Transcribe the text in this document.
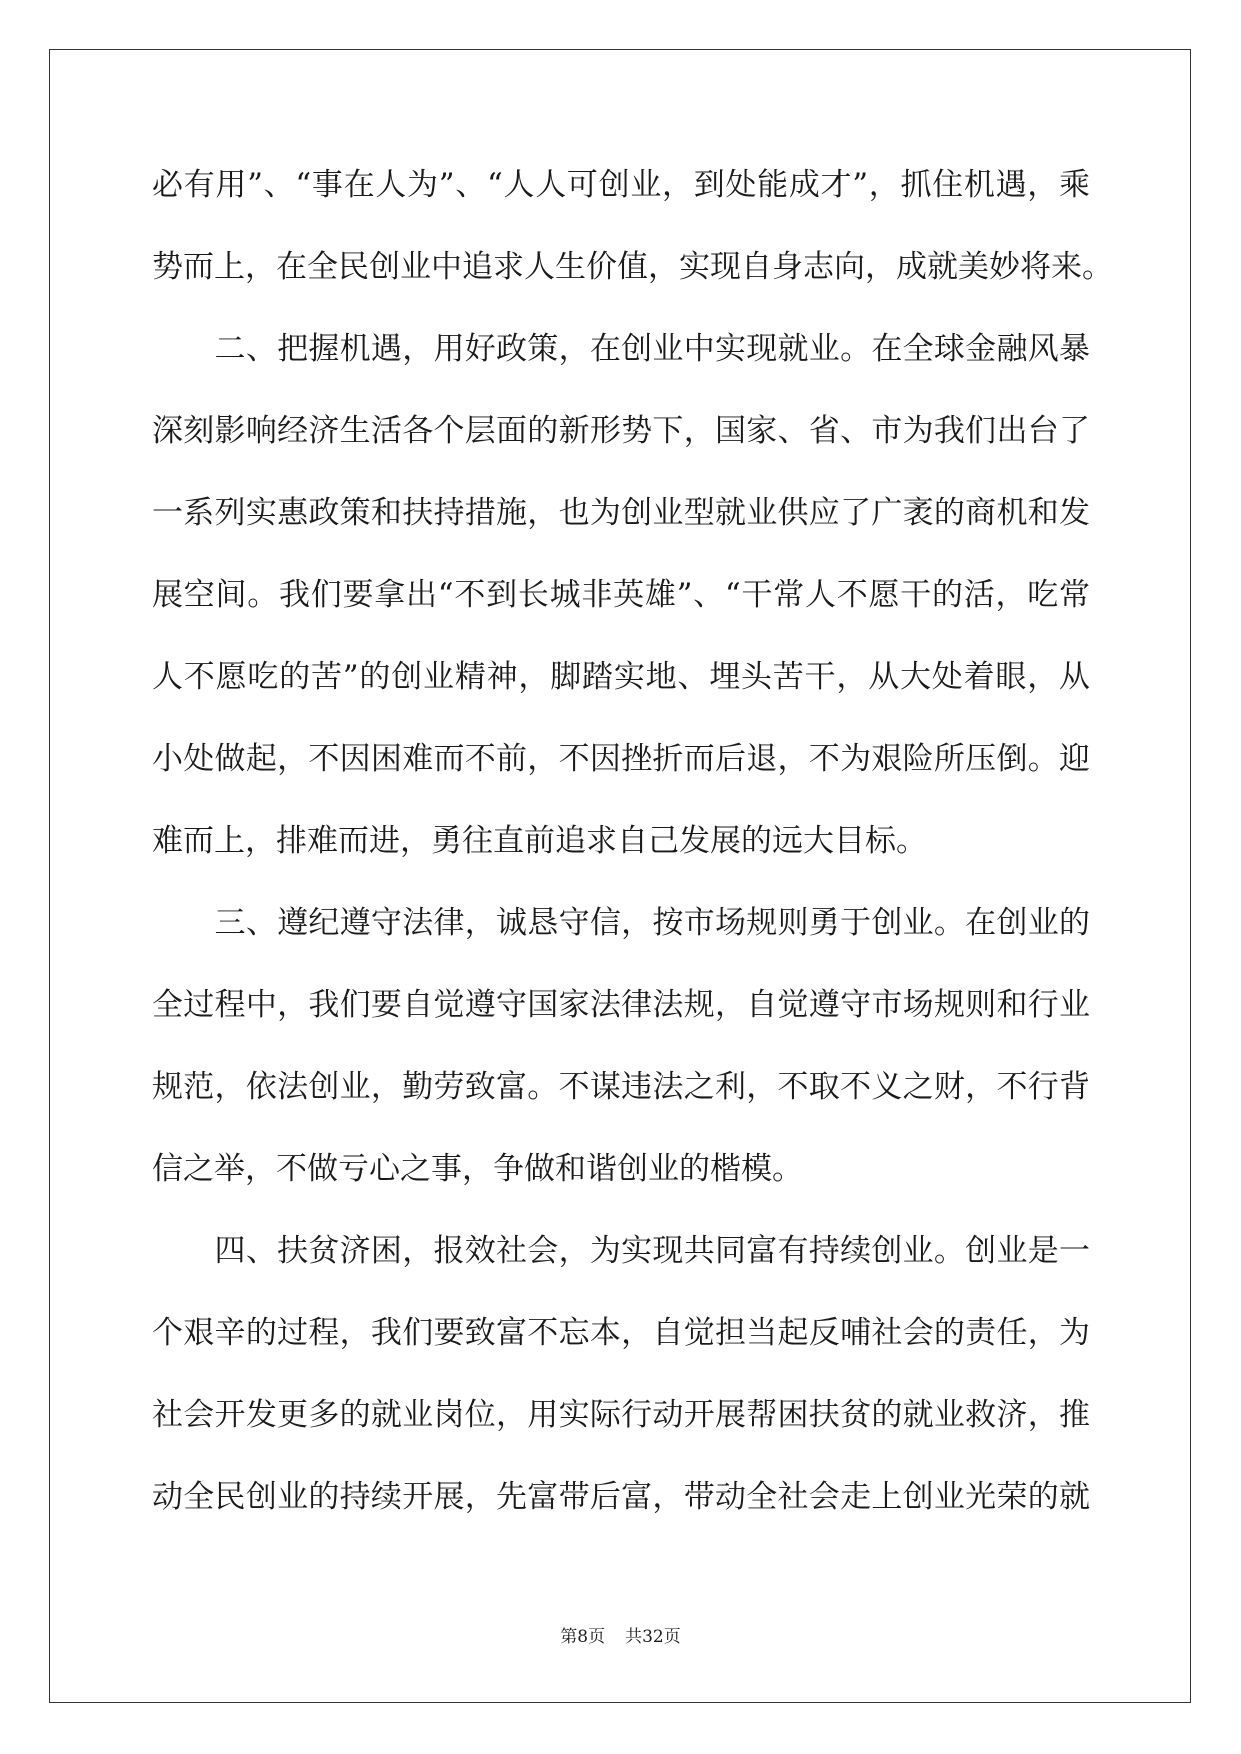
必有用”、“事在人为”、“人人可创业，到处能成才”，抓住机遇，乘
势而上，在全民创业中追求人生价值，实现自身志向，成就美妙将来。
　　二、把握机遇，用好政策，在创业中实现就业。在全球金融风暴
深刻影响经济生活各个层面的新形势下，国家、省、市为我们出台了
一系列实惠政策和扶持措施，也为创业型就业供应了广袤的商机和发
展空间。我们要拿出“不到长城非英雄”、“干常人不愿干的活，吃常
人不愿吃的苦”的创业精神，脚踏实地、埋头苦干，从大处着眼，从
小处做起，不因困难而不前，不因挫折而后退，不为艰险所压倒。迎
难而上，排难而进，勇往直前追求自己发展的远大目标。
　　三、遵纪遵守法律，诚恳守信，按市场规则勇于创业。在创业的
全过程中，我们要自觉遵守国家法律法规，自觉遵守市场规则和行业
规范，依法创业，勤劳致富。不谋违法之利，不取不义之财，不行背
信之举，不做亏心之事，争做和谐创业的楷模。
　　四、扶贫济困，报效社会，为实现共同富有持续创业。创业是一
个艰辛的过程，我们要致富不忘本，自觉担当起反哺社会的责任，为
社会开发更多的就业岗位，用实际行动开展帮困扶贫的就业救济，推
动全民创业的持续开展，先富带后富，带动全社会走上创业光荣的就
第8页 共32页
